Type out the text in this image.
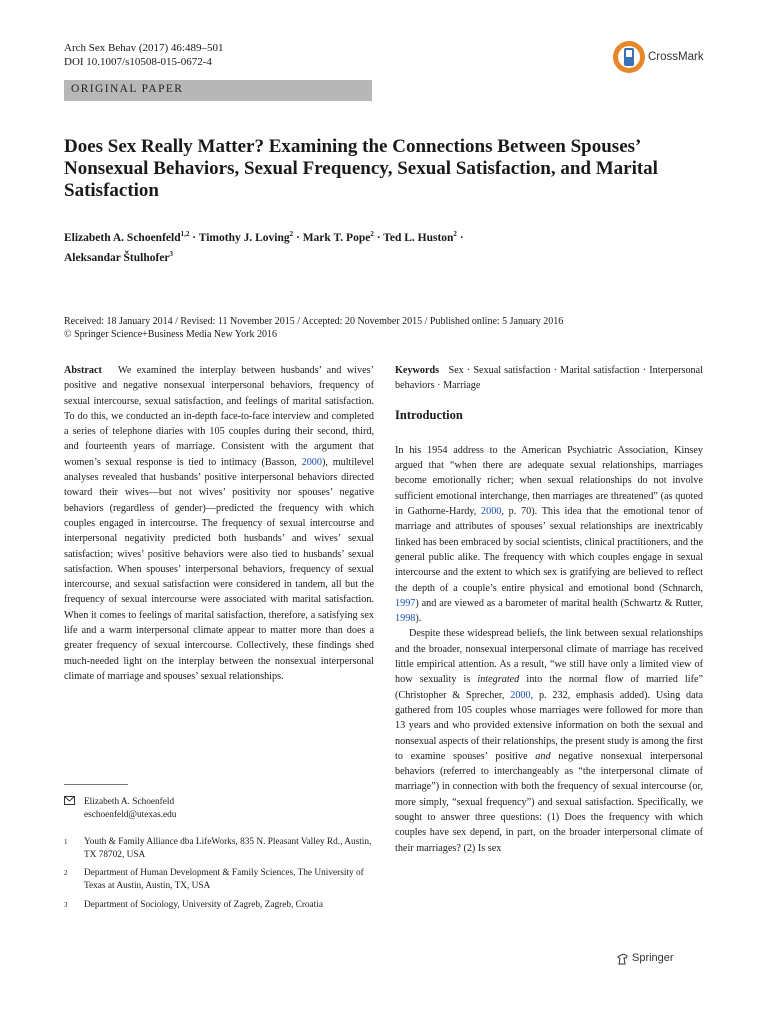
Arch Sex Behav (2017) 46:489–501
DOI 10.1007/s10508-015-0672-4	CrossMark
ORIGINAL PAPER
Does Sex Really Matter? Examining the Connections Between Spouses’ Nonsexual Behaviors, Sexual Frequency, Sexual Satisfaction, and Marital Satisfaction
Elizabeth A. Schoenfeld$^{1,2}$ · Timothy J. Loving$^2$ · Mark T. Pope$^2$ · Ted L. Huston$^2$ ·
Aleksandar Štulhofer$^3$
Received: 18 January 2014 / Revised: 11 November 2015 / Accepted: 20 November 2015 / Published online: 5 January 2016
© Springer Science+Business Media New York 2016
Abstract We examined the interplay between husbands’ and wives’ positive and negative nonsexual interpersonal behaviors, frequency of sexual intercourse, sexual satisfaction, and feelings of marital satisfaction. To do this, we conducted an in-depth face-to-face interview and completed a series of telephone diaries with 105 couples during their second, third, and fourteenth years of marriage. Consistent with the argument that women’s sexual response is tied to intimacy (Basson, 2000), multilevel analyses revealed that husbands’ positive interpersonal behaviors directed toward their wives—but not wives’ positivity nor spouses’ negative behaviors (regardless of gender)—predicted the frequency with which couples engaged in intercourse. The frequency of sexual intercourse and interpersonal negativity predicted both husbands’ and wives’ sexual satisfaction; wives’ positive behaviors were also tied to husbands’ sexual satisfaction. When spouses’ interpersonal behaviors, frequency of sexual intercourse, and sexual satisfaction were considered in tandem, all but the frequency of sexual intercourse were associated with marital satisfaction. When it comes to feelings of marital satisfaction, therefore, a satisfying sex life and a warm interpersonal climate appear to matter more than does a greater frequency of sexual intercourse. Collectively, these findings shed much-needed light on the interplay between the nonsexual interpersonal climate of marriage and spouses’ sexual relationships.
Elizabeth A. Schoenfeld
eschoenfeld@utexas.edu
1	Youth & Family Alliance dba LifeWorks, 835 N. Pleasant Valley Rd., Austin, TX 78702, USA
2	Department of Human Development & Family Sciences, The University of Texas at Austin, Austin, TX, USA
3	Department of Sociology, University of Zagreb, Zagreb, Croatia
Keywords Sex · Sexual satisfaction · Marital satisfaction · Interpersonal behaviors · Marriage
Introduction
In his 1954 address to the American Psychiatric Association, Kinsey argued that “when there are adequate sexual relationships, marriages become emotionally richer; when sexual relationships do not involve sufficient emotional interchange, then marriages are threatened” (as quoted in Gathorne-Hardy, 2000, p. 70). This idea that the emotional tenor of marriage and attributes of spouses’ sexual relationships are inextricably linked has been embraced by social scientists, clinical practitioners, and the general public alike. The frequency with which couples engage in sexual intercourse and the extent to which sex is gratifying are believed to reflect the depth of a couple’s entire physical and emotional bond (Schnarch, 1997) and are viewed as a barometer of marital health (Schwartz & Rutter, 1998).
Despite these widespread beliefs, the link between sexual relationships and the broader, nonsexual interpersonal climate of marriage has received little empirical attention. As a result, “we still have only a limited view of how sexuality is integrated into the normal flow of married life” (Christopher & Sprecher, 2000, p. 232, emphasis added). Using data gathered from 105 couples whose marriages were followed for more than 13 years and who provided extensive information on both the sexual and nonsexual aspects of their relationships, the present study is among the first to examine spouses’ positive and negative nonsexual interpersonal behaviors (referred to interchangeably as “the interpersonal climate of marriage”) in connection with both the frequency of sexual intercourse (or, more simply, “sexual frequency”) and sexual satisfaction. Specifically, we sought to answer three questions: (1) Does the frequency with which couples have sex depend, in part, on the broader interpersonal climate of their marriages? (2) Is sex
Springer
